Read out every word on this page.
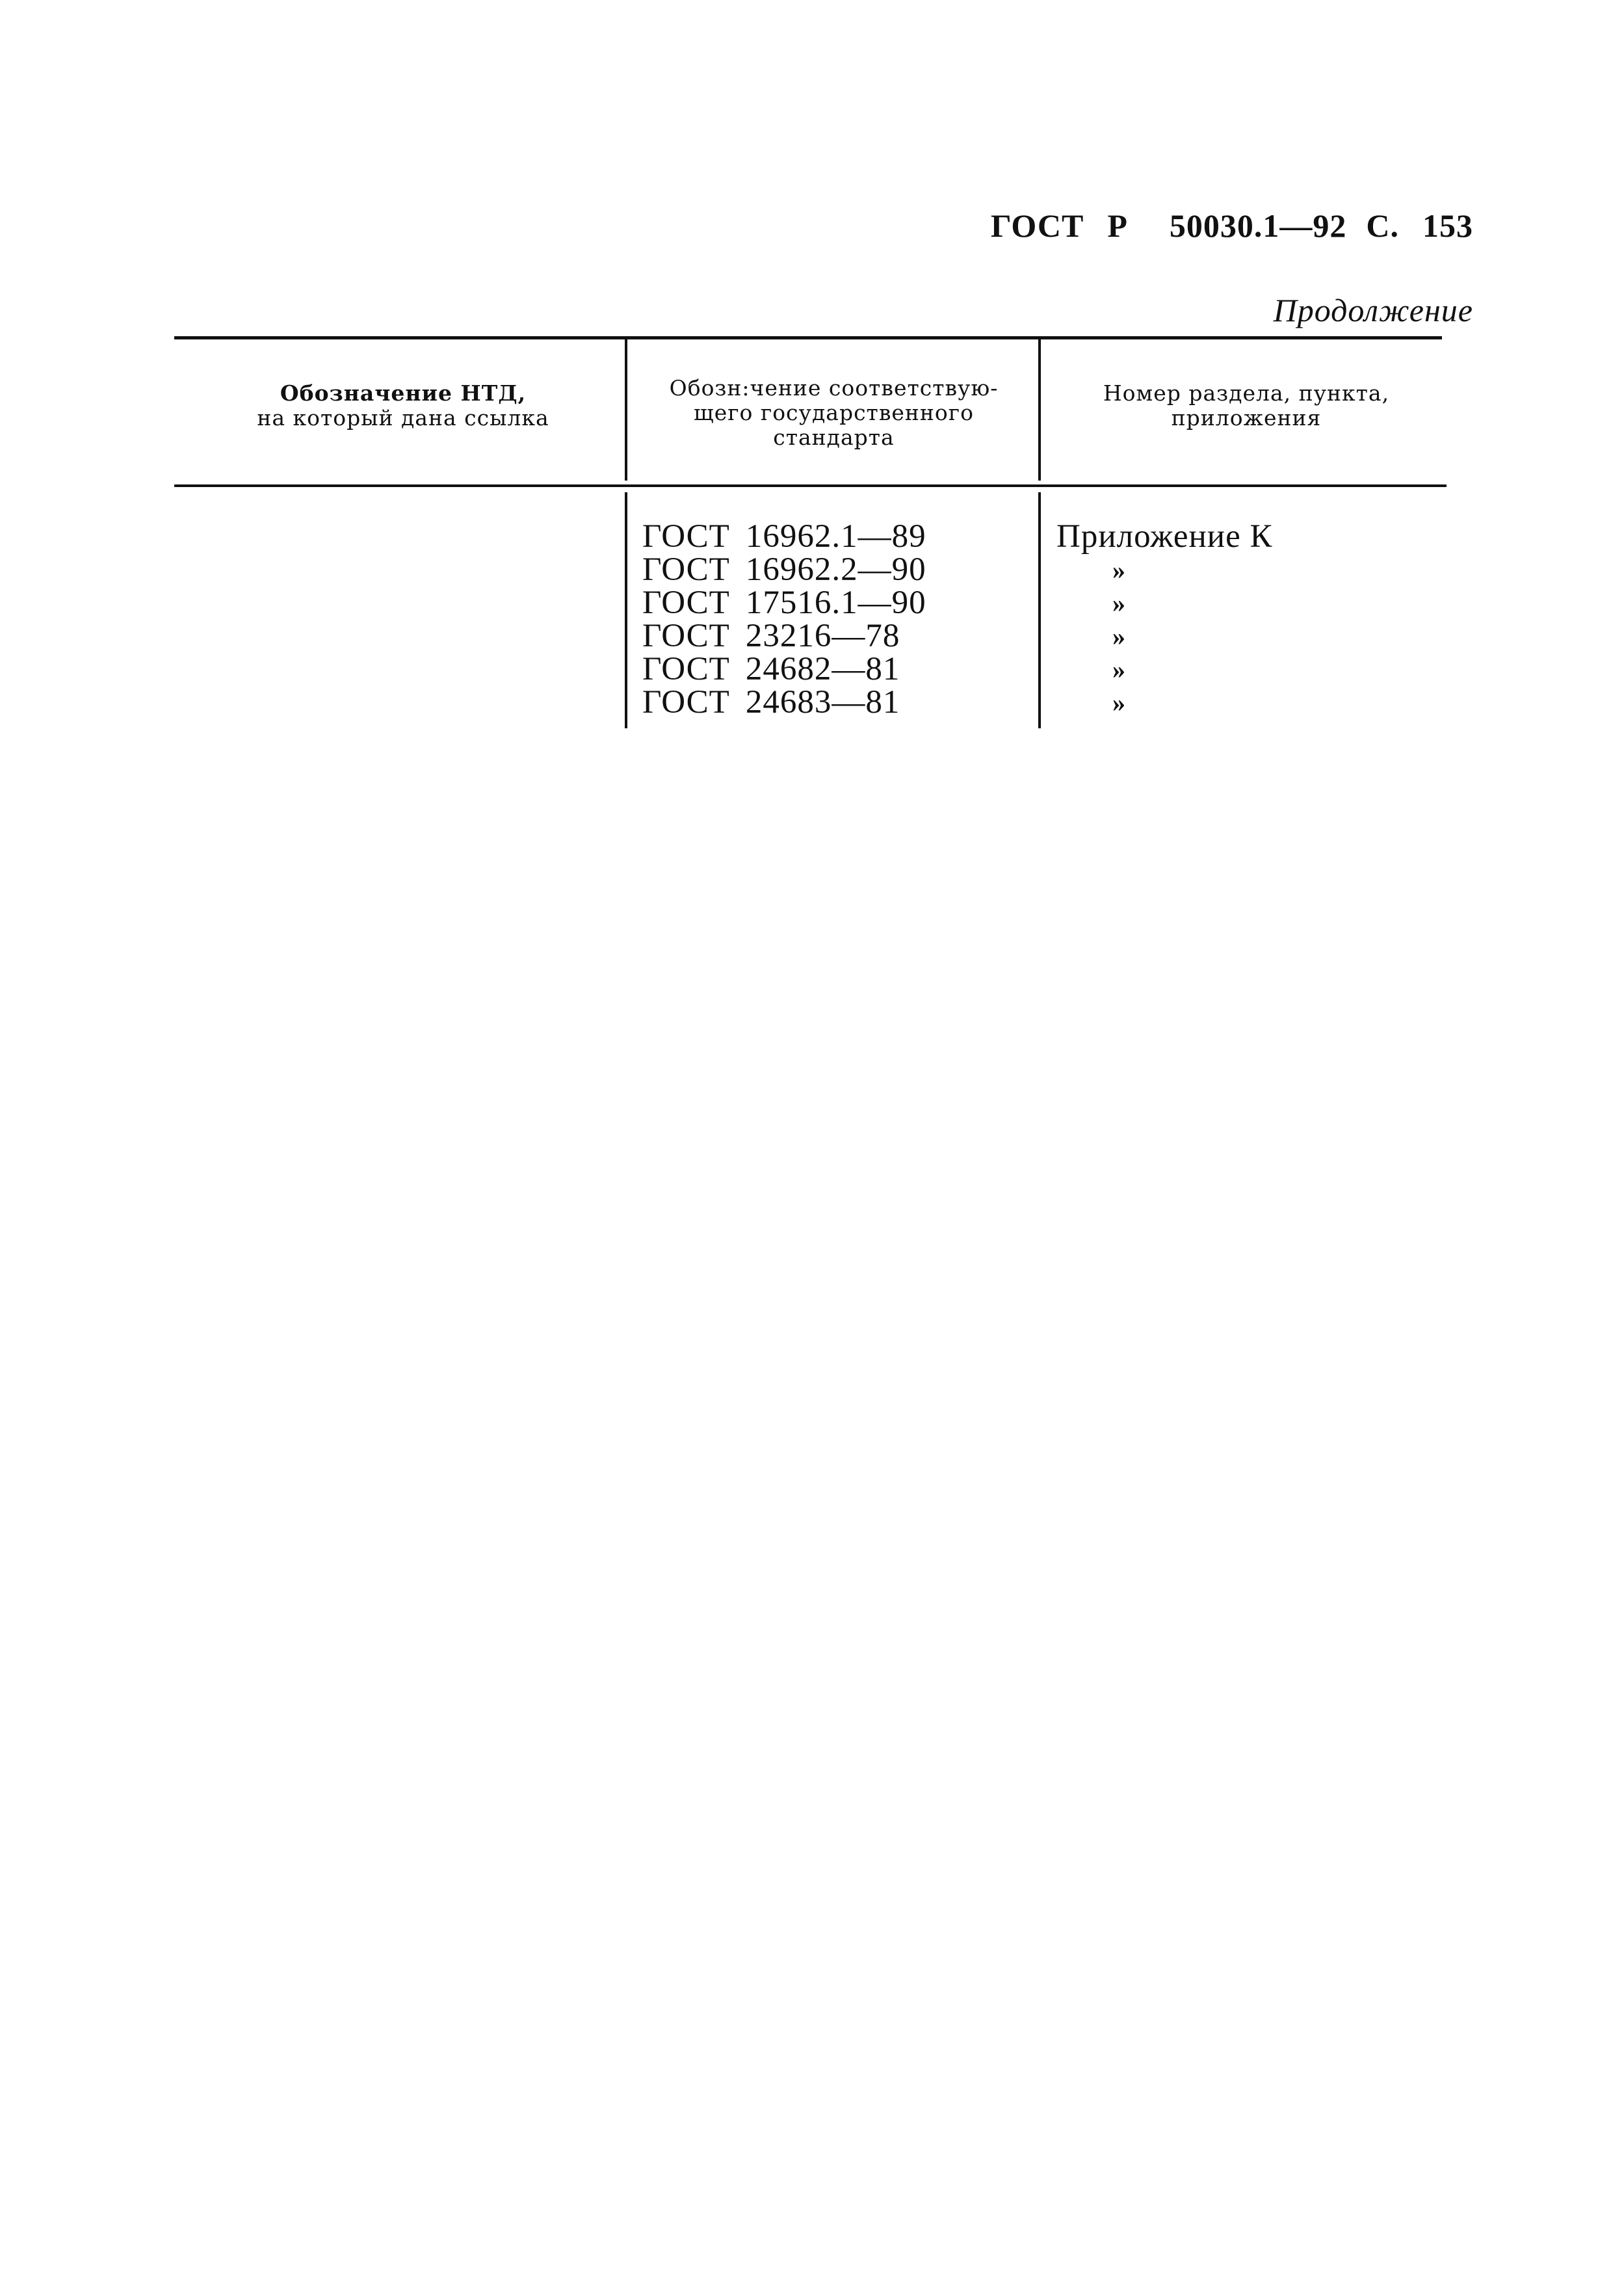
ГОСТ Р 50030.1—92 С. 153
Продолжение
Обозначение НТД,
на который дана ссылка
Обозн:чение соответствую-
щего государственного
стандарта
Номер раздела, пункта,
приложения
ГОСТ 16962.1—89
ГОСТ 16962.2—90
ГОСТ 17516.1—90
ГОСТ 23216—78
ГОСТ 24682—81
ГОСТ 24683—81
Приложение К
»
»
»
»
»
